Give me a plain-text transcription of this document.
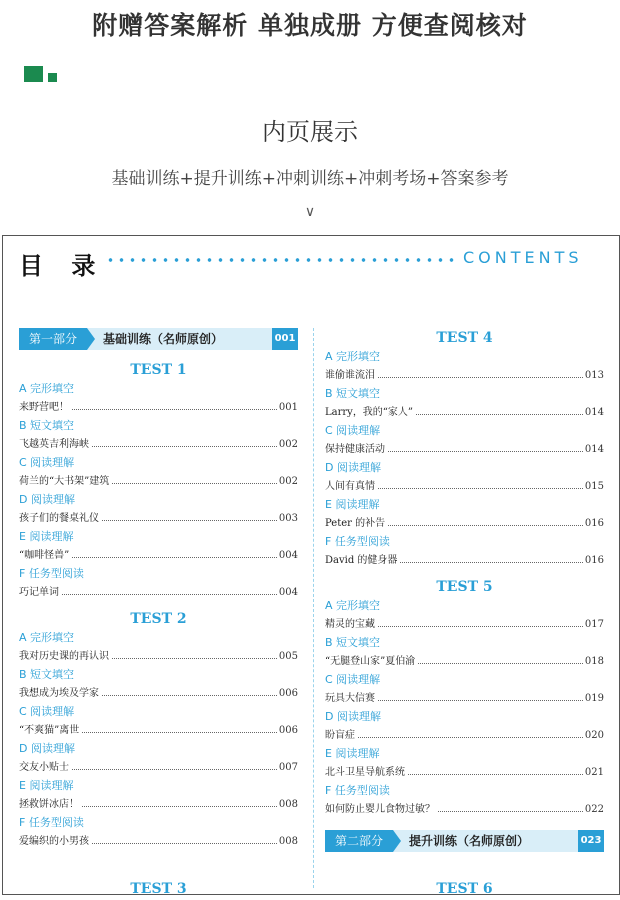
附赠答案解析 单独成册 方便查阅核对
内页展示
基础训练+提升训练+冲刺训练+冲刺考场+答案参考
∨
目 录	CONTENTS
第一部分	基础训练（名师原创）	001
TEST 1
A 完形填空
来野营吧！	001
B 短文填空
飞越英吉利海峡	002
C 阅读理解
荷兰的“大书架”建筑	002
D 阅读理解
孩子们的餐桌礼仪	003
E 阅读理解
“咖啡怪兽”	004
F 任务型阅读
巧记单词	004
TEST 2
A 完形填空
我对历史课的再认识	005
B 短文填空
我想成为埃及学家	006
C 阅读理解
“不爽猫”离世	006
D 阅读理解
交友小贴士	007
E 阅读理解
拯救饼冰店！	008
F 任务型阅读
爱编织的小男孩	008
TEST 4
A 完形填空
谁偷谁流泪	013
B 短文填空
Larry，我的“家人”	014
C 阅读理解
保持健康活动	014
D 阅读理解
人间有真情	015
E 阅读理解
Peter 的补告	016
F 任务型阅读
David 的健身器	016
TEST 5
A 完形填空
精灵的宝藏	017
B 短文填空
“无腿登山家”夏伯渝	018
C 阅读理解
玩具大信赛	019
D 阅读理解
盼盲症	020
E 阅读理解
北斗卫星导航系统	021
F 任务型阅读
如何防止婴儿食物过敏？	022
第二部分	提升训练（名师原创）	023
TEST 3	TEST 6
